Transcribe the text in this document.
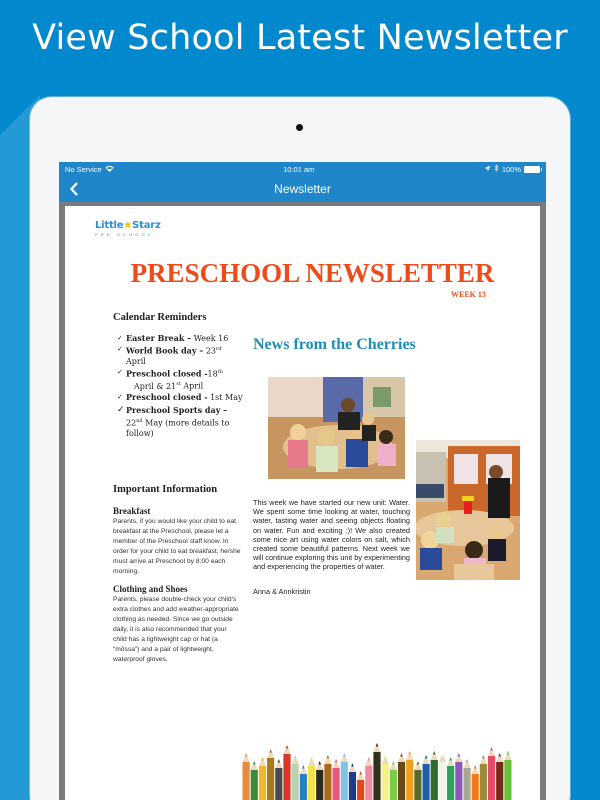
View School Latest Newsletter
No Service	10:01 am	100%
Newsletter
Little★Starz
PRE SCHOOL
PRESCHOOL NEWSLETTER
WEEK 13
Calendar Reminders
✓ Easter Break – Week 16
✓ World Book day – 23rd
April
✓ Preschool closed -18th
April & 21st April
✓ Preschool closed - 1st May
✓ Preschool Sports day –
22nd May (more details to follow)
Important Information
Breakfast
Parents, if you would like your child to eat breakfast at the Preschool, please let a member of the Preschool staff know. In order for your child to eat breakfast, he/she must arrive at Preschool by 8:00 each morning.
Clothing and Shoes
Parents, please double-check your child's extra clothes and add weather-appropriate clothing as needed. Since we go outside daily, it is also recommended that your child has a lightweight cap or hat (a “mössa”) and a pair of lightweight, waterproof gloves.
News from the Cherries
This week we have started our new unit: Water. We spent some time looking at water, touching water, tasting water and seeing objects floating on water. Fun and exciting :)! We also created some nice art using water colors on salt, which created some beautiful patterns. Next week we will continue exploring this unit by experimenting and experiencing the properties of water.
Anna & Annkristin
